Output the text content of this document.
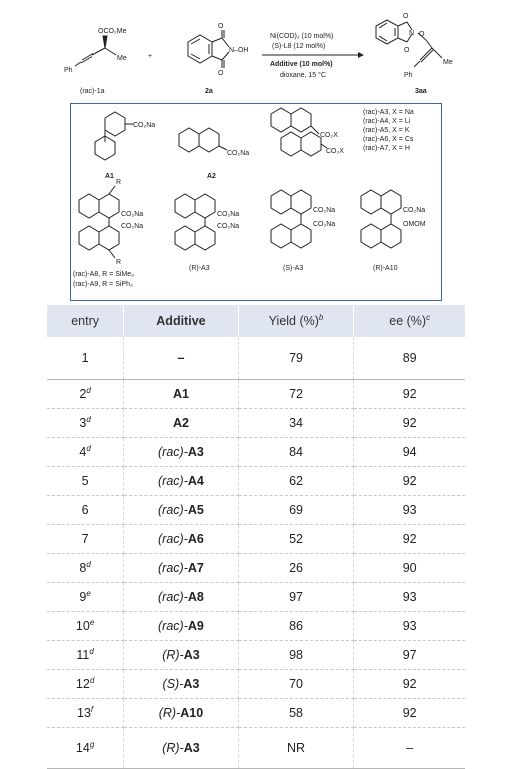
OCO₂Me
Me
Ph
(rac)-1a
+
O
O
N–OH
2a
Ni(COD)₂ (10 mol%)
(S)-L8 (12 mol%)
Additive (10 mol%)
dioxane, 15 °C
O
N O
O
Me
Ph
3aa
CO₂Na
A1
CO₂Na
A2
CO₂X
CO₂X
(rac)-A3, X = Na
(rac)-A4, X = Li
(rac)-A5, X = K
(rac)-A6, X = Cs
(rac)-A7, X = H
R
CO₂Na
CO₂Na
R
(rac)-A8, R = SiMe₃
(rac)-A9, R = SiPh₃
CO₂Na
CO₂Na
(R)-A3
CO₂Na
CO₂Na
(S)-A3
CO₂Na
OMOM
(R)-A10
entry	Additive	Yield (%)$^b$	ee (%)$^c$
1	–	79	89
2$^d$	A1	72	92
3$^d$	A2	34	92
4$^d$	(rac)-A3	84	94
5	(rac)-A4	62	92
6	(rac)-A5	69	93
7	(rac)-A6	52	92
8$^d$	(rac)-A7	26	90
9e	(rac)-A8	97	93
10e	(rac)-A9	86	93
11$^d$	(R)-A3	98	97
12$^d$	(S)-A3	70	92
13$^f$	(R)-A10	58	92
14$^g$	(R)-A3	NR	–
